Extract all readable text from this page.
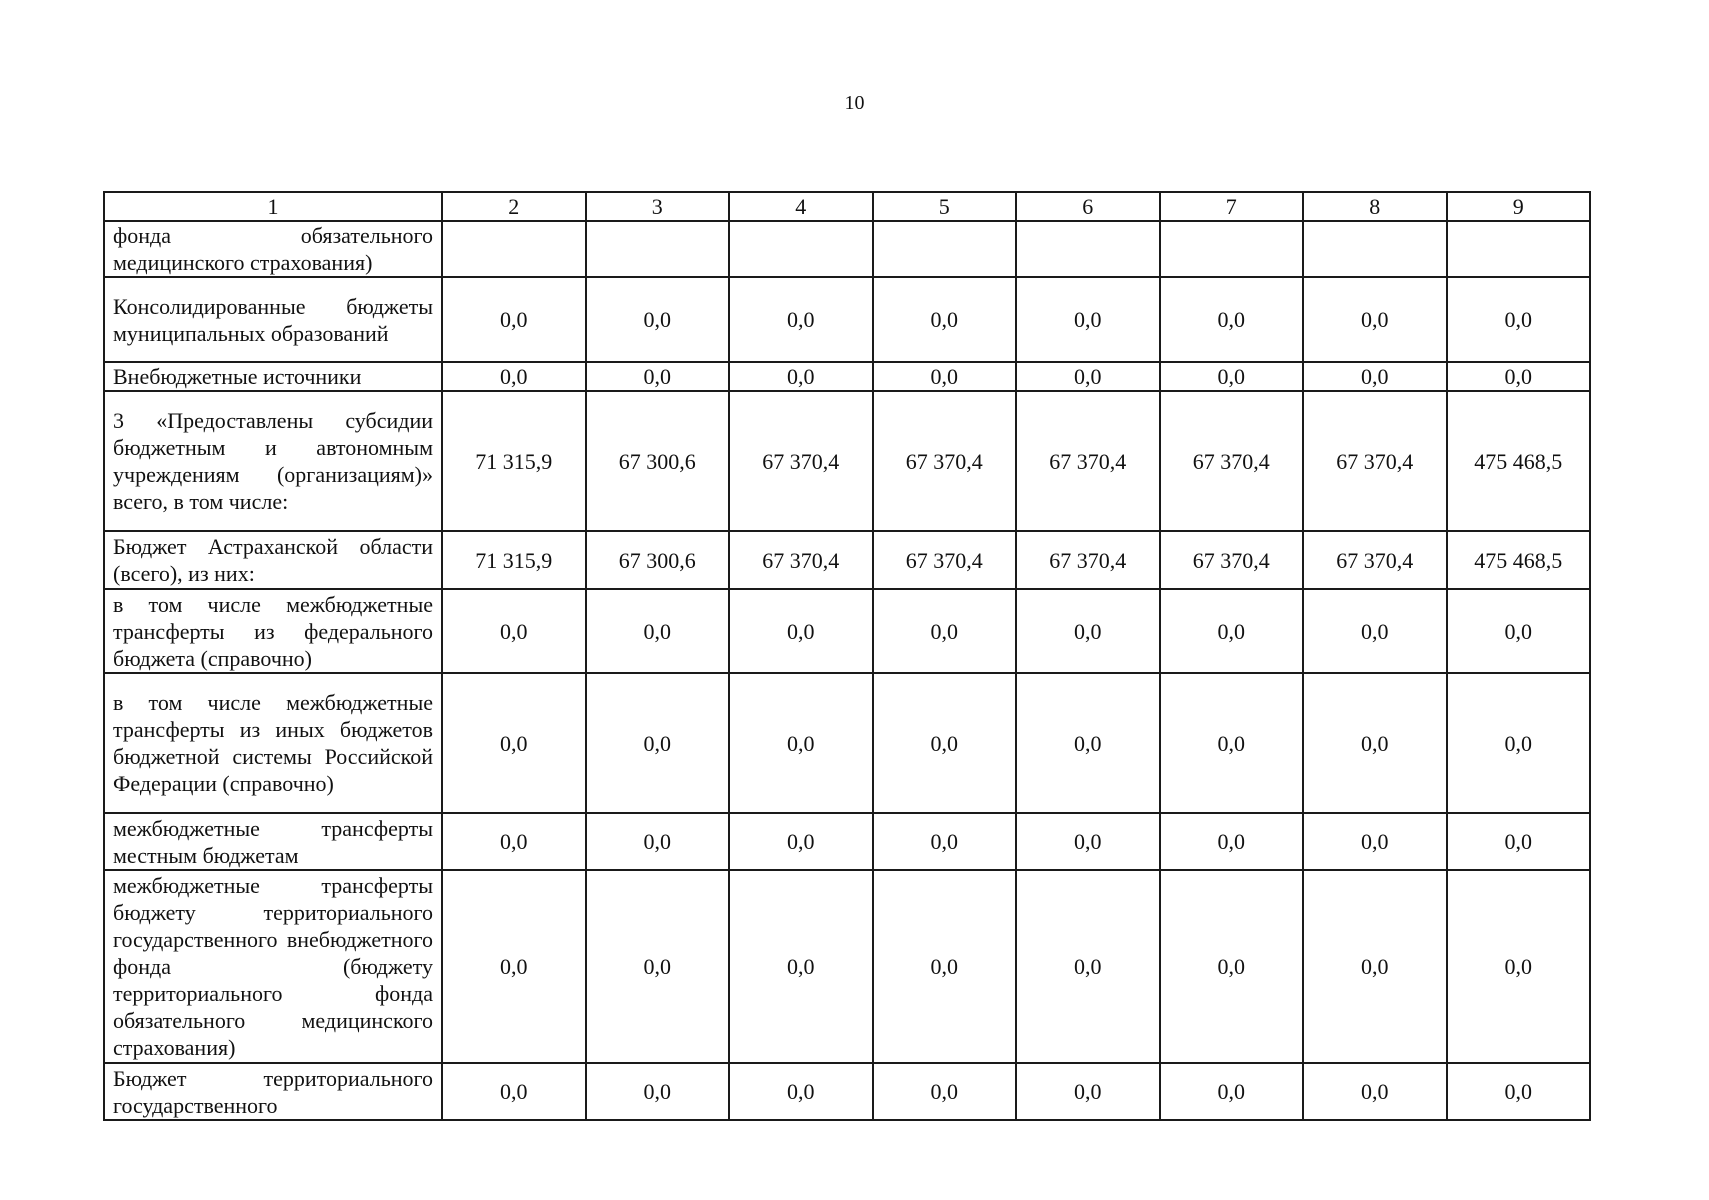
10
1	2	3	4	5	6	7	8	9
фонда обязательного медицинского страхования)								
Консолидированные бюджеты муниципальных образований	0,0	0,0	0,0	0,0	0,0	0,0	0,0	0,0
Внебюджетные источники	0,0	0,0	0,0	0,0	0,0	0,0	0,0	0,0
3 «Предоставлены субсидии бюджетным и автономным учреждениям (организациям)» всего, в том числе:	71 315,9	67 300,6	67 370,4	67 370,4	67 370,4	67 370,4	67 370,4	475 468,5
Бюджет Астраханской области (всего), из них:	71 315,9	67 300,6	67 370,4	67 370,4	67 370,4	67 370,4	67 370,4	475 468,5
в том числе межбюджетные трансферты из федерального бюджета (справочно)	0,0	0,0	0,0	0,0	0,0	0,0	0,0	0,0
в том числе межбюджетные трансферты из иных бюджетов бюджетной системы Российской Федерации (справочно)	0,0	0,0	0,0	0,0	0,0	0,0	0,0	0,0
межбюджетные трансферты местным бюджетам	0,0	0,0	0,0	0,0	0,0	0,0	0,0	0,0
межбюджетные трансферты бюджету территориального государственного внебюджетного фонда (бюджету территориального фонда обязательного медицинского страхования)	0,0	0,0	0,0	0,0	0,0	0,0	0,0	0,0
Бюджет территориального государственного	0,0	0,0	0,0	0,0	0,0	0,0	0,0	0,0
